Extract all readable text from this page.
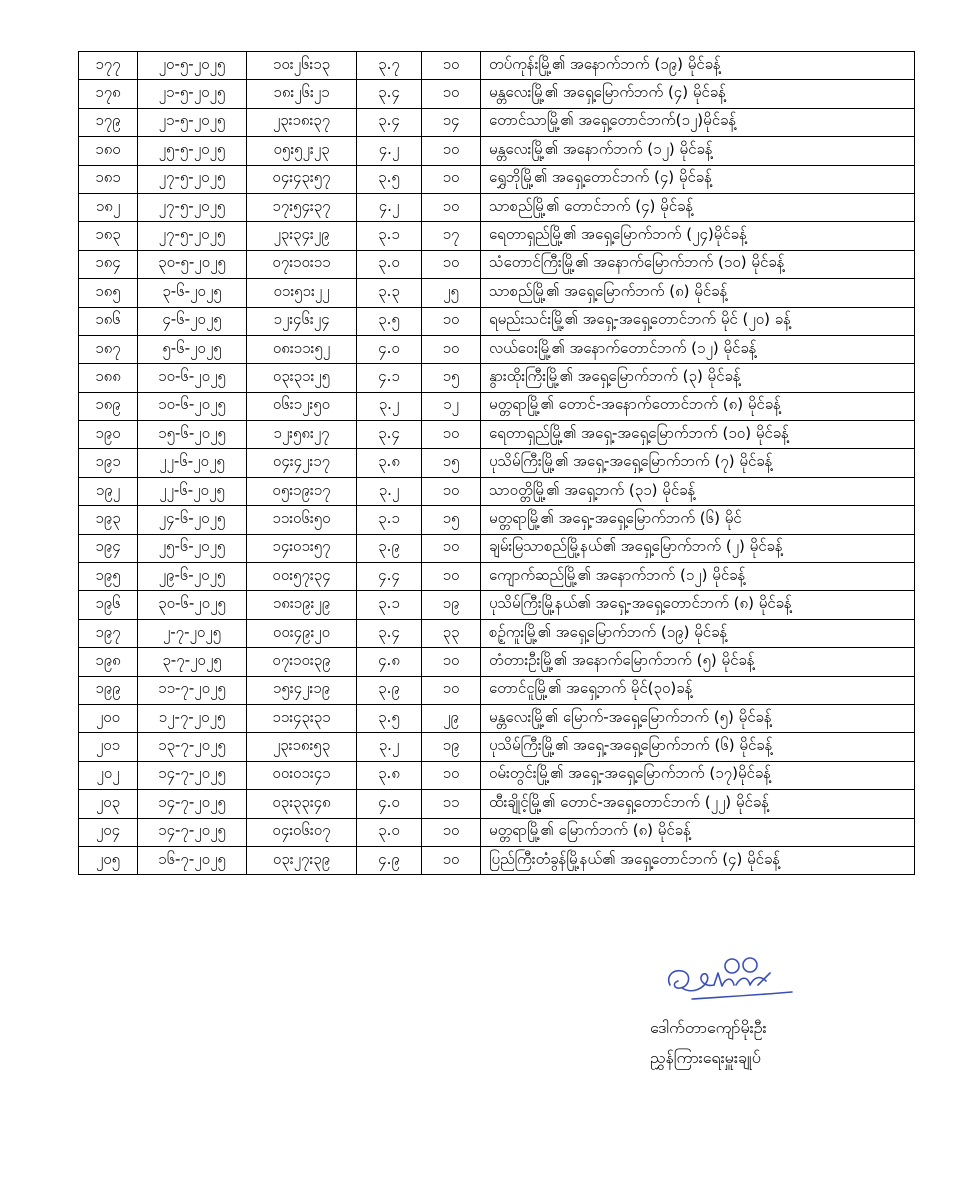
၁၇၇	၂၀-၅-၂၀၂၅	၁၀း၂၆း၁၃	၃.၇	၁၀	တပ်ကုန်းမြို့၏ အနောက်ဘက် (၁၉) မိုင်ခန့်
၁၇၈	၂၁-၅-၂၀၂၅	၁၈း၂၆း၂၁	၃.၄	၁၀	မန္တလေးမြို့၏ အရှေ့မြောက်ဘက် (၄) မိုင်ခန့်
၁၇၉	၂၁-၅-၂၀၂၅	၂၃း၁၈း၃၇	၃.၄	၁၄	တောင်သာမြို့၏ အရှေ့တောင်ဘက်(၁၂)မိုင်ခန့်
၁၈၀	၂၅-၅-၂၀၂၅	၀၅း၅၂း၂၃	၄.၂	၁၀	မန္တလေးမြို့၏ အနောက်ဘက် (၁၂) မိုင်ခန့်
၁၈၁	၂၇-၅-၂၀၂၅	၀၄း၄၃း၅၇	၃.၅	၁၀	ရွှေဘိုမြို့၏ အရှေ့တောင်ဘက် (၄) မိုင်ခန့်
၁၈၂	၂၇-၅-၂၀၂၅	၁၇း၅၄း၃၇	၄.၂	၁၀	သာစည်မြို့၏ တောင်ဘက် (၄) မိုင်ခန့်
၁၈၃	၂၇-၅-၂၀၂၅	၂၃း၃၄း၂၉	၃.၁	၁၇	ရေတာရှည်မြို့၏ အရှေ့မြောက်ဘက် (၂၄)မိုင်ခန့်
၁၈၄	၃၀-၅-၂၀၂၅	၀၇း၁၀း၁၁	၃.၀	၁၀	သံတောင်ကြီးမြို့၏ အနောက်မြောက်ဘက် (၁၀) မိုင်ခန့်
၁၈၅	၃-၆-၂၀၂၅	၀၁း၅၁း၂၂	၃.၃	၂၅	သာစည်မြို့၏ အရှေ့မြောက်ဘက် (၈) မိုင်ခန့်
၁၈၆	၄-၆-၂၀၂၅	၁၂း၄၆း၂၄	၃.၅	၁၀	ရမည်းသင်းမြို့၏ အရှေ့-အရှေ့တောင်ဘက် မိုင် (၂၀) ခန့်
၁၈၇	၅-၆-၂၀၂၅	၀၈း၁၁း၅၂	၄.၀	၁၀	လယ်ဝေးမြို့၏ အနောက်တောင်ဘက် (၁၂) မိုင်ခန့်
၁၈၈	၁၀-၆-၂၀၂၅	၀၃း၃၁း၂၅	၄.၁	၁၅	နွားထိုးကြီးမြို့၏ အရှေ့မြောက်ဘက် (၃) မိုင်ခန့်
၁၈၉	၁၀-၆-၂၀၂၅	၀၆း၁၂း၅၀	၃.၂	၁၂	မတ္တရာမြို့၏ တောင်-အနောက်တောင်ဘက် (၈) မိုင်ခန့်
၁၉၀	၁၅-၆-၂၀၂၅	၁၂း၅၈း၂၇	၃.၄	၁၀	ရေတာရှည်မြို့၏ အရှေ့-အရှေ့မြောက်ဘက် (၁၀) မိုင်ခန့်
၁၉၁	၂၂-၆-၂၀၂၅	၀၄း၄၂း၁၇	၃.၈	၁၅	ပုသိမ်ကြီးမြို့၏ အရှေ့-အရှေ့မြောက်ဘက် (၇) မိုင်ခန့်
၁၉၂	၂၂-၆-၂၀၂၅	၀၅း၁၉း၁၇	၃.၂	၁၀	သာဝတ္တိမြို့၏ အရှေ့ဘက် (၃၁) မိုင်ခန့်
၁၉၃	၂၄-၆-၂၀၂၅	၁၁း၀၆း၅၀	၃.၁	၁၅	မတ္တရာမြို့၏ အရှေ့-အရှေ့မြောက်ဘက် (၆) မိုင်
၁၉၄	၂၅-၆-၂၀၂၅	၁၄း၀၁း၅၇	၃.၉	၁၀	ချမ်းမြသာစည်မြို့နယ်၏ အရှေ့မြောက်ဘက် (၂) မိုင်ခန့်
၁၉၅	၂၉-၆-၂၀၂၅	၀၀း၅၇း၃၄	၄.၄	၁၀	ကျောက်ဆည်မြို့၏ အနောက်ဘက် (၁၂) မိုင်ခန့်
၁၉၆	၃၀-၆-၂၀၂၅	၁၈း၁၉း၂၉	၃.၁	၁၉	ပုသိမ်ကြီးမြို့နယ်၏ အရှေ့-အရှေ့တောင်ဘက် (၈) မိုင်ခန့်
၁၉၇	၂-၇-၂၀၂၅	၀၀း၄၉း၂၀	၃.၄	၃၃	စဉ့်ကူးမြို့၏ အရှေ့မြောက်ဘက် (၁၉) မိုင်ခန့်
၁၉၈	၃-၇-၂၀၂၅	၀၇း၁၀း၃၉	၄.၈	၁၀	တံတားဦးမြို့၏ အနောက်မြောက်ဘက် (၅) မိုင်ခန့်
၁၉၉	၁၁-၇-၂၀၂၅	၁၅း၄၂း၁၉	၃.၉	၁၀	တောင်ငူမြို့၏ အရှေ့ဘက် မိုင်(၃၀)ခန့်
၂၀၀	၁၂-၇-၂၀၂၅	၁၁း၄၃း၃၁	၃.၅	၂၉	မန္တလေးမြို့၏ မြောက်-အရှေ့မြောက်ဘက် (၅) မိုင်ခန့်
၂၀၁	၁၃-၇-၂၀၂၅	၂၃း၁၈း၅၃	၃.၂	၁၉	ပုသိမ်ကြီးမြို့၏ အရှေ့-အရှေ့မြောက်ဘက် (၆) မိုင်ခန့်
၂၀၂	၁၄-၇-၂၀၂၅	၀၀း၀၁း၄၁	၃.၈	၁၀	ဝမ်းတွင်းမြို့၏ အရှေ့-အရှေ့မြောက်ဘက် (၁၇)မိုင်ခန့်
၂၀၃	၁၄-၇-၂၀၂၅	၀၃း၃၃း၄၈	၄.၀	၁၁	ထီးချိုင့်မြို့၏ တောင်-အရှေ့တောင်ဘက် (၂၂) မိုင်ခန့်
၂၀၄	၁၄-၇-၂၀၂၅	၀၄း၀၆း၀၇	၃.၀	၁၀	မတ္တရာမြို့၏ မြောက်ဘက် (၈) မိုင်ခန့်
၂၀၅	၁၆-၇-၂၀၂၅	၀၃း၂၇း၃၉	၄.၉	၁၀	ပြည်ကြီးတံခွန်မြို့နယ်၏ အရှေ့တောင်ဘက် (၄) မိုင်ခန့်
ဒေါက်တာကျော်မိုးဦး
ညွှန်ကြားရေးမှူးချုပ်
